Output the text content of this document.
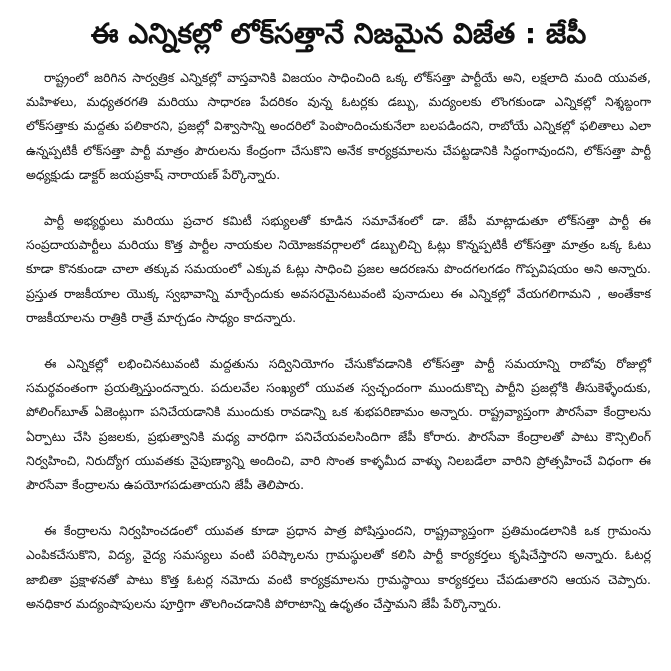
ఈ ఎన్నికల్లో లోక్‌సత్తానే నిజమైన విజేత : జేపీ

రాష్ట్రంలో జరిగిన సార్వత్రిక ఎన్నికల్లో వాస్తవానికి విజయం సాధించింది ఒక్క లోక్‌సత్తా పార్టీయే అని, లక్షలాది మంది యువత, మహిళలు, మధ్యతరగతి మరియు సాధారణ పేదరికం వున్న ఓటర్లకు డబ్బు, మద్యంలకు లొంగకుండా ఎన్నికల్లో నిశ్శబ్దంగా లోక్‌సత్తాకు మద్దతు పలికారని, ప్రజల్లో విశ్వాసాన్ని అందరిలో పెంపొందించుకునేలా బలపడిందని, రాబోయే ఎన్నికల్లో ఫలితాలు ఎలా ఉన్నప్పటికీ లోక్‌సత్తా పార్టీ మాత్రం పౌరులను కేంద్రంగా చేసుకొని అనేక కార్యక్రమాలను చేపట్టడానికి సిద్ధంగావుందని, లోక్‌సత్తా పార్టీ అధ్యక్షుడు డాక్టర్ జయప్రకాష్ నారాయణ్ పేర్కొన్నారు.

పార్టీ అభ్యర్థులు మరియు ప్రచార కమిటీ సభ్యులతో కూడిన సమావేశంలో డా. జేపీ మాట్లాడుతూ లోక్‌సత్తా పార్టీ ఈ సంప్రదాయపార్టీలు మరియు కొత్త పార్టీల నాయకుల నియోజకవర్గాలలో డబ్బులిచ్చి ఓట్లు కొన్నప్పటికీ లోక్‌సత్తా మాత్రం ఒక్క ఓటు కూడా కొనకుండా చాలా తక్కువ సమయంలో ఎక్కువ ఓట్లు సాధించి ప్రజల ఆదరణను పొందగలగడం గొప్పవిషయం అని అన్నారు. ప్రస్తుత రాజకీయాల యొక్క స్వభావాన్ని మార్చేందుకు అవసరమైనటువంటి పునాదులు ఈ ఎన్నికల్లో వేయగలిగామని , అంతేకాక రాజకీయాలను రాత్రికి రాత్రే మార్చడం సాధ్యం కాదన్నారు.

ఈ ఎన్నికల్లో లభించినటువంటి మద్దతును సద్వినియోగం చేసుకోవడానికి లోక్‌సత్తా పార్టీ సమయాన్ని రాబోవు రోజుల్లో సమర్థవంతంగా ప్రయత్నిస్తుందన్నారు. పదులవేల సంఖ్యలో యువత స్వచ్ఛందంగా ముందుకొచ్చి పార్టీని ప్రజల్లోకి తీసుకెళ్ళేందుకు, పోలింగ్‌బూత్ ఏజెంట్లుగా పనిచేయడానికి ముందుకు రావడాన్ని ఒక శుభపరిణామం అన్నారు. రాష్ట్రవ్యాప్తంగా పౌరసేవా కేంద్రాలను ఏర్పాటు చేసి ప్రజలకు, ప్రభుత్వానికి మధ్య వారధిగా పనిచేయవలసిందిగా జేపీ కోరారు. పౌరసేవా కేంద్రాలతో పాటు కౌన్సిలింగ్ నిర్వహించి, నిరుద్యోగ యువతకు నైపుణ్యాన్ని అందించి, వారి సొంత కాళ్ళమీద వాళ్ళు నిలబడేలా వారిని ప్రోత్సహించే విధంగా ఈ పౌరసేవా కేంద్రాలను ఉపయోగపడుతాయని జేపీ తెలిపారు.

ఈ కేంద్రాలను నిర్వహించడంలో యువత కూడా ప్రధాన పాత్ర పోషిస్తుందని, రాష్ట్రవ్యాప్తంగా ప్రతిమండలానికి ఒక గ్రామంను ఎంపికచేసుకొని, విద్య, వైద్య సమస్యలు వంటి పరిష్కాలను గ్రామస్థులతో కలిసి పార్టీ కార్యకర్తలు కృషిచేస్తారని అన్నారు. ఓటర్ల జాబితా ప్రక్షాళనతో పాటు కొత్త ఓటర్ల నమోదు వంటి కార్యక్రమాలను గ్రామస్థాయి కార్యకర్తలు చేపడుతారని ఆయన చెప్పారు. అనధికార మద్యంషాపులను పూర్తిగా తొలగించడానికి పోరాటాన్ని ఉధృతం చేస్తామని జేపీ పేర్కొన్నారు.
